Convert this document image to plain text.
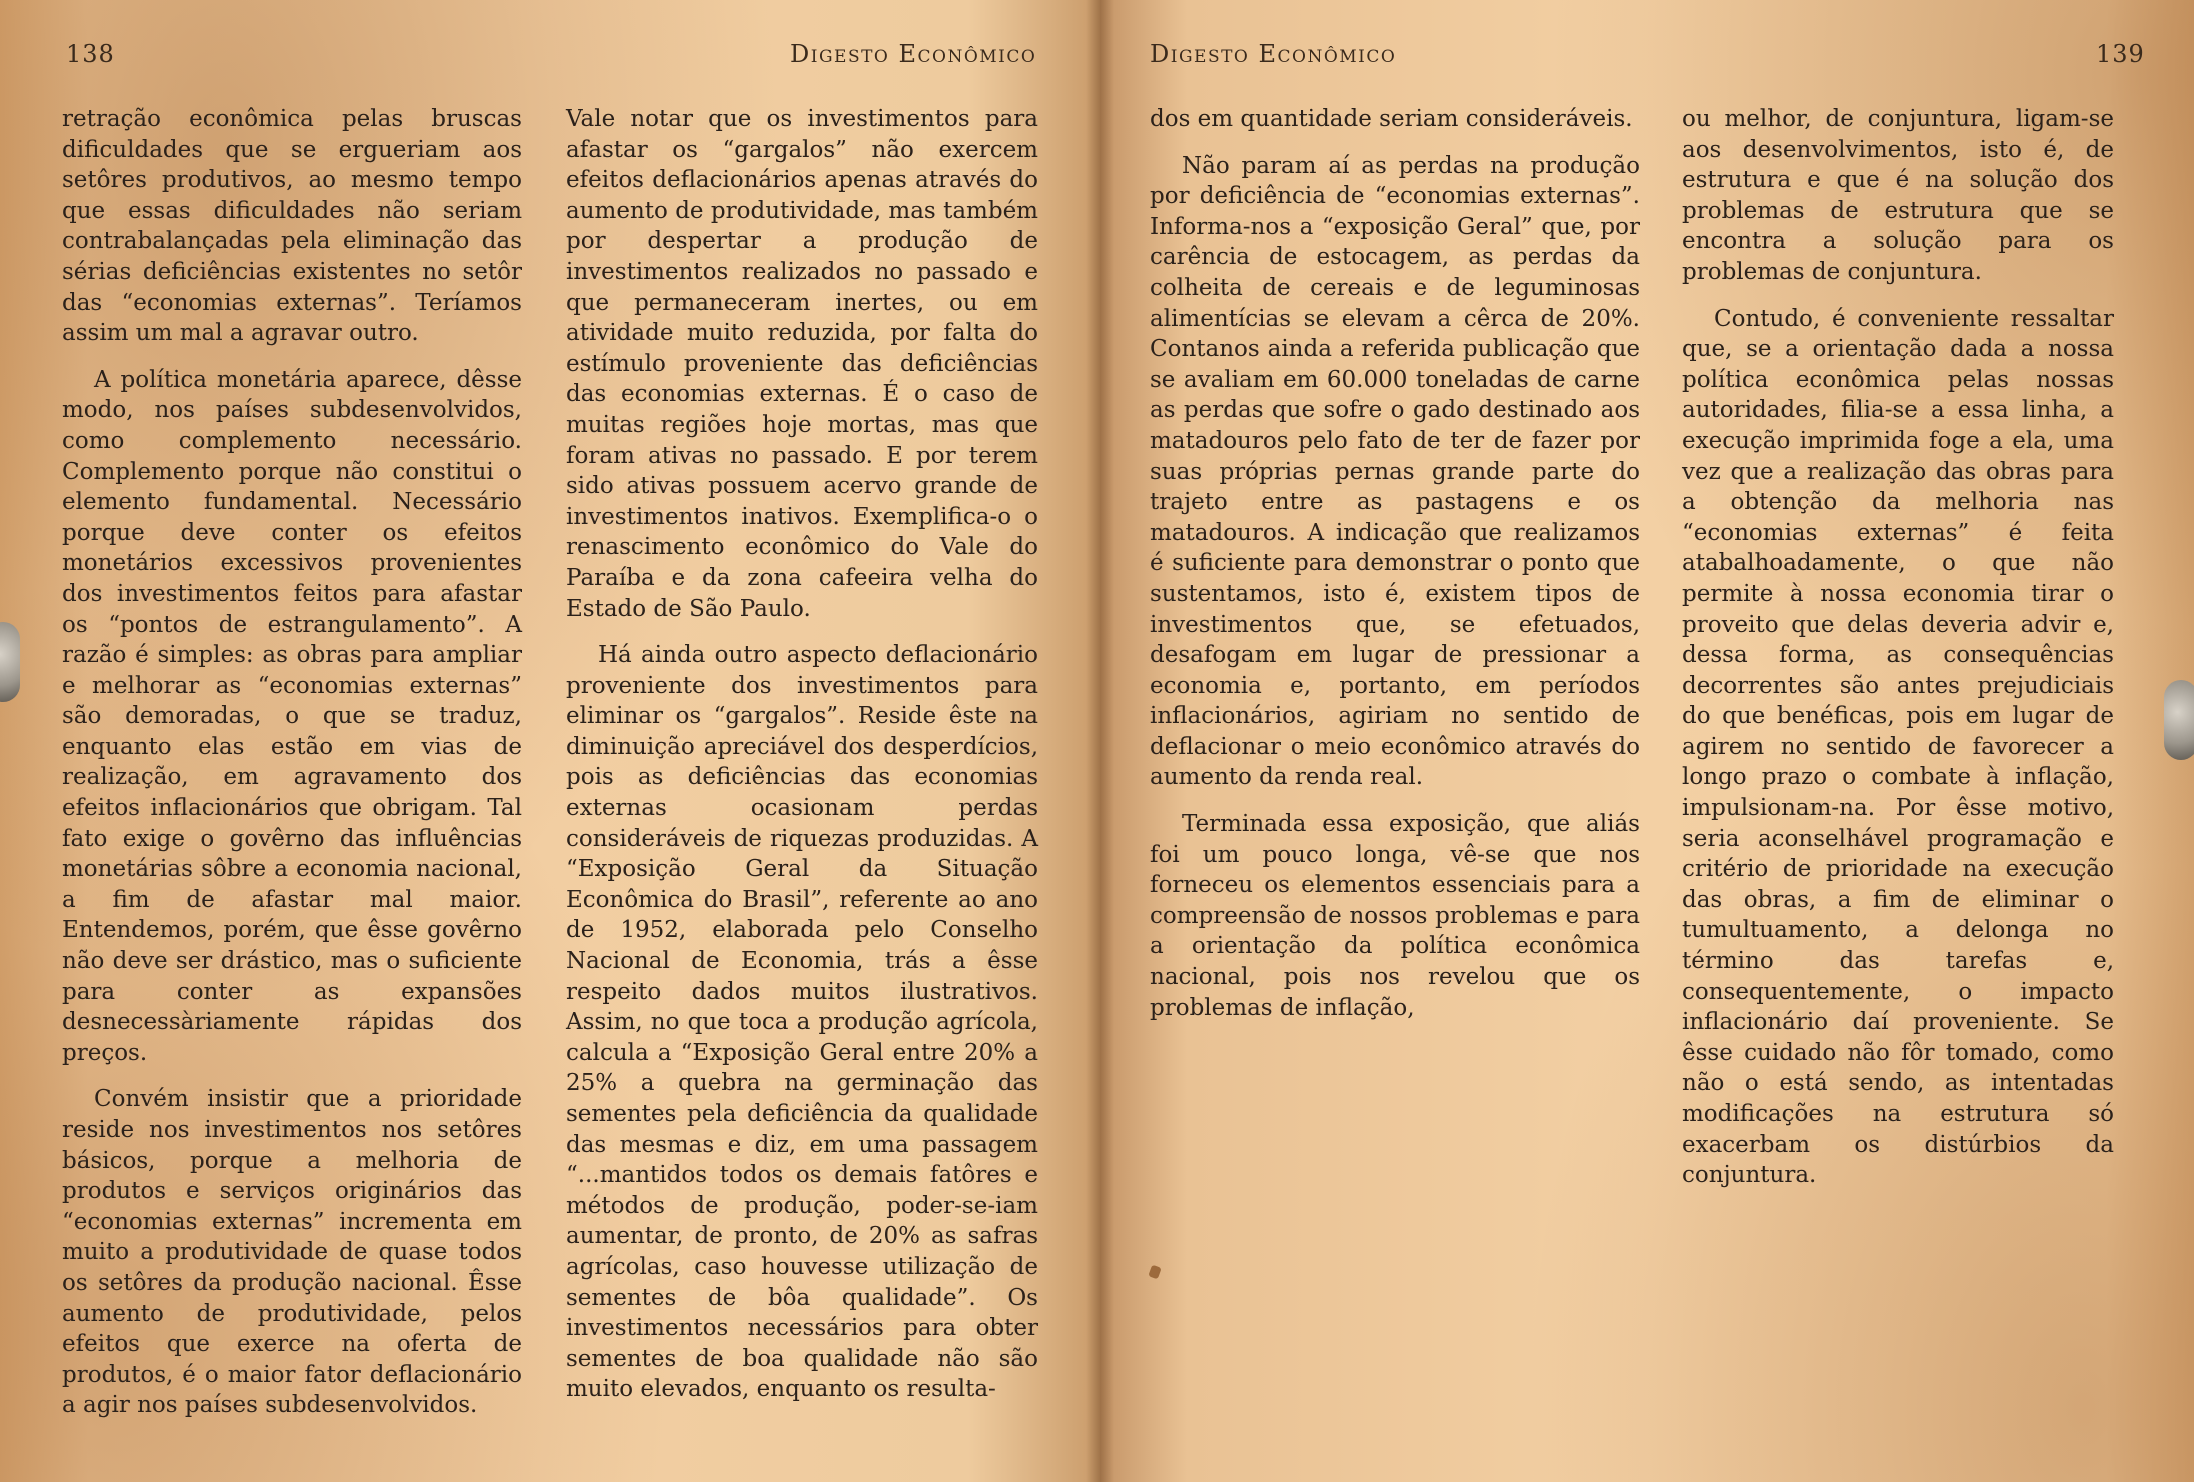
138	Digesto Econômico

retração econômica pelas bruscas dificuldades que se ergueriam aos setôres produtivos, ao mesmo tempo que essas dificuldades não seriam contrabalançadas pela eliminação das sérias deficiências existentes no setôr das “economias externas”. Teríamos assim um mal a agravar outro.

A política monetária aparece, dêsse modo, nos países subdesenvolvidos, como complemento necessário. Complemento porque não constitui o elemento fundamental. Necessário porque deve conter os efeitos monetários excessivos provenientes dos investimentos feitos para afastar os “pontos de estrangulamento”. A razão é simples: as obras para ampliar e melhorar as “economias externas” são demoradas, o que se traduz, enquanto elas estão em vias de realização, em agravamento dos efeitos inflacionários que obrigam. Tal fato exige o govêrno das influências monetárias sôbre a economia nacional, a fim de afastar mal maior. Entendemos, porém, que êsse govêrno não deve ser drástico, mas o suficiente para conter as expansões desnecessàriamente rápidas dos preços.

Convém insistir que a prioridade reside nos investimentos nos setôres básicos, porque a melhoria de produtos e serviços originários das “economias externas” incrementa em muito a produtividade de quase todos os setôres da produção nacional. Êsse aumento de produtividade, pelos efeitos que exerce na oferta de produtos, é o maior fator deflacionário a agir nos países subdesenvolvidos.

Vale notar que os investimentos para afastar os “gargalos” não exercem efeitos deflacionários apenas através do aumento de produtividade, mas também por despertar a produção de investimentos realizados no passado e que permaneceram inertes, ou em atividade muito reduzida, por falta do estímulo proveniente das deficiências das economias externas. É o caso de muitas regiões hoje mortas, mas que foram ativas no passado. E por terem sido ativas possuem acervo grande de investimentos inativos. Exemplifica-o o renascimento econômico do Vale do Paraíba e da zona cafeeira velha do Estado de São Paulo.

Há ainda outro aspecto deflacionário proveniente dos investimentos para eliminar os “gargalos”. Reside êste na diminuição apreciável dos desperdícios, pois as deficiências das economias externas ocasionam perdas consideráveis de riquezas produzidas. A “Exposição Geral da Situação Econômica do Brasil”, referente ao ano de 1952, elaborada pelo Conselho Nacional de Economia, trás a êsse respeito dados muitos ilustrativos. Assim, no que toca a produção agrícola, calcula a “Exposição Geral entre 20% a 25% a quebra na germinação das sementes pela deficiência da qualidade das mesmas e diz, em uma passagem “...mantidos todos os demais fatôres e métodos de produção, poder-se-iam aumentar, de pronto, de 20% as safras agrícolas, caso houvesse utilização de sementes de bôa qualidade”. Os investimentos necessários para obter sementes de boa qualidade não são muito elevados, enquanto os resulta-

Digesto Econômico	139

dos em quantidade seriam consideráveis.

Não param aí as perdas na produção por deficiência de “economias externas”. Informa-nos a “exposição Geral” que, por carência de estocagem, as perdas da colheita de cereais e de leguminosas alimentícias se elevam a cêrca de 20%. Contanos ainda a referida publicação que se avaliam em 60.000 toneladas de carne as perdas que sofre o gado destinado aos matadouros pelo fato de ter de fazer por suas próprias pernas grande parte do trajeto entre as pastagens e os matadouros. A indicação que realizamos é suficiente para demonstrar o ponto que sustentamos, isto é, existem tipos de investimentos que, se efetuados, desafogam em lugar de pressionar a economia e, portanto, em períodos inflacionários, agiriam no sentido de deflacionar o meio econômico através do aumento da renda real.

Terminada essa exposição, que aliás foi um pouco longa, vê-se que nos forneceu os elementos essenciais para a compreensão de nossos problemas e para a orientação da política econômica nacional, pois nos revelou que os problemas de inflação,

ou melhor, de conjuntura, ligam-se aos desenvolvimentos, isto é, de estrutura e que é na solução dos problemas de estrutura que se encontra a solução para os problemas de conjuntura.

Contudo, é conveniente ressaltar que, se a orientação dada a nossa política econômica pelas nossas autoridades, filia-se a essa linha, a execução imprimida foge a ela, uma vez que a realização das obras para a obtenção da melhoria nas “economias externas” é feita atabalhoadamente, o que não permite à nossa economia tirar o proveito que delas deveria advir e, dessa forma, as consequências decorrentes são antes prejudiciais do que benéficas, pois em lugar de agirem no sentido de favorecer a longo prazo o combate à inflação, impulsionam-na. Por êsse motivo, seria aconselhável programação e critério de prioridade na execução das obras, a fim de eliminar o tumultuamento, a delonga no término das tarefas e, consequentemente, o impacto inflacionário daí proveniente. Se êsse cuidado não fôr tomado, como não o está sendo, as intentadas modificações na estrutura só exacerbam os distúrbios da conjuntura.
